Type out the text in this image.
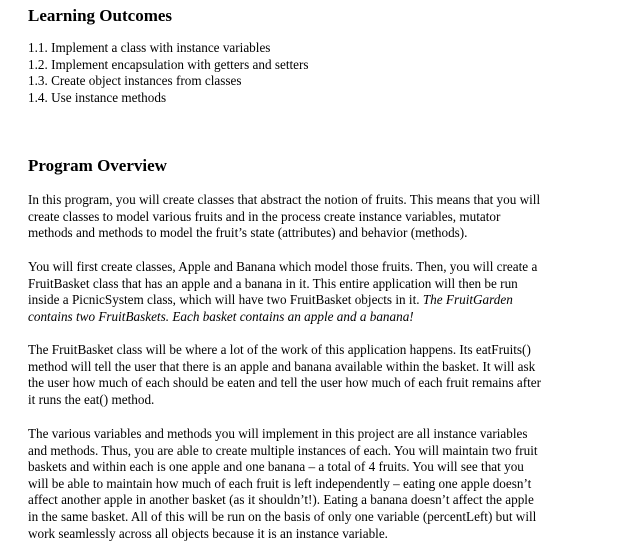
Learning Outcomes
1.1. Implement a class with instance variables
1.2. Implement encapsulation with getters and setters
1.3. Create object instances from classes
1.4. Use instance methods
Program Overview

In this program, you will create classes that abstract the notion of fruits. This means that you will
create classes to model various fruits and in the process create instance variables, mutator
methods and methods to model the fruit’s state (attributes) and behavior (methods).

You will first create classes, Apple and Banana which model those fruits. Then, you will create a
FruitBasket class that has an apple and a banana in it. This entire application will then be run
inside a PicnicSystem class, which will have two FruitBasket objects in it. The FruitGarden
contains two FruitBaskets. Each basket contains an apple and a banana!

The FruitBasket class will be where a lot of the work of this application happens. Its eatFruits()
method will tell the user that there is an apple and banana available within the basket. It will ask
the user how much of each should be eaten and tell the user how much of each fruit remains after
it runs the eat() method.

The various variables and methods you will implement in this project are all instance variables
and methods. Thus, you are able to create multiple instances of each. You will maintain two fruit
baskets and within each is one apple and one banana – a total of 4 fruits. You will see that you
will be able to maintain how much of each fruit is left independently – eating one apple doesn’t
affect another apple in another basket (as it shouldn’t!). Eating a banana doesn’t affect the apple
in the same basket. All of this will be run on the basis of only one variable (percentLeft) but will
work seamlessly across all objects because it is an instance variable.
